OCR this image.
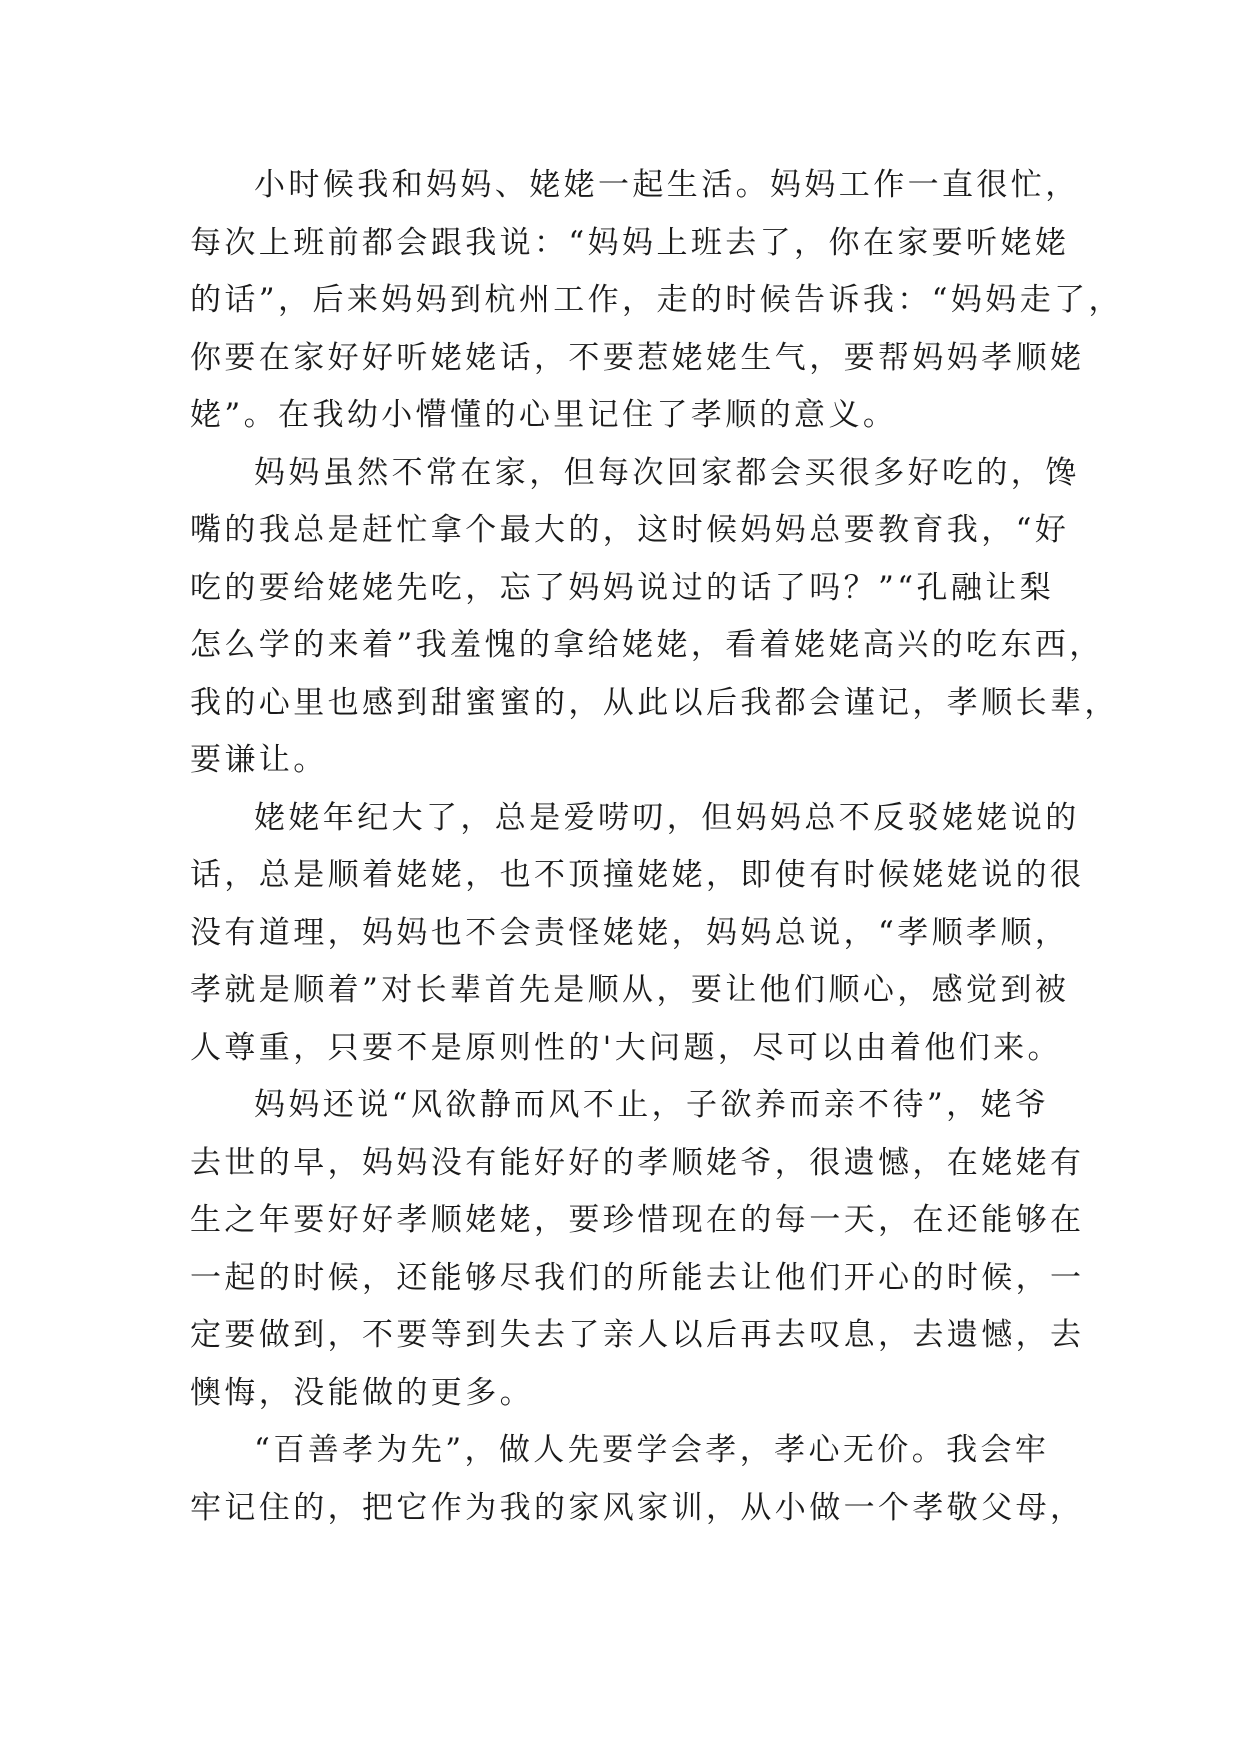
小时候我和妈妈、姥姥一起生活。妈妈工作一直很忙，
每次上班前都会跟我说：“妈妈上班去了，你在家要听姥姥
的话”，后来妈妈到杭州工作，走的时候告诉我：“妈妈走了，
你要在家好好听姥姥话，不要惹姥姥生气，要帮妈妈孝顺姥
姥”。在我幼小懵懂的心里记住了孝顺的意义。
妈妈虽然不常在家，但每次回家都会买很多好吃的，馋
嘴的我总是赶忙拿个最大的，这时候妈妈总要教育我，“好
吃的要给姥姥先吃，忘了妈妈说过的话了吗？”“孔融让梨
怎么学的来着”我羞愧的拿给姥姥，看着姥姥高兴的吃东西，
我的心里也感到甜蜜蜜的，从此以后我都会谨记，孝顺长辈，
要谦让。
姥姥年纪大了，总是爱唠叨，但妈妈总不反驳姥姥说的
话，总是顺着姥姥，也不顶撞姥姥，即使有时候姥姥说的很
没有道理，妈妈也不会责怪姥姥，妈妈总说，“孝顺孝顺，
孝就是顺着”对长辈首先是顺从，要让他们顺心，感觉到被
人尊重，只要不是原则性的'大问题，尽可以由着他们来。
妈妈还说“风欲静而风不止，子欲养而亲不待”，姥爷
去世的早，妈妈没有能好好的孝顺姥爷，很遗憾，在姥姥有
生之年要好好孝顺姥姥，要珍惜现在的每一天，在还能够在
一起的时候，还能够尽我们的所能去让他们开心的时候，一
定要做到，不要等到失去了亲人以后再去叹息，去遗憾，去
懊悔，没能做的更多。
“百善孝为先”，做人先要学会孝，孝心无价。我会牢
牢记住的，把它作为我的家风家训，从小做一个孝敬父母，
